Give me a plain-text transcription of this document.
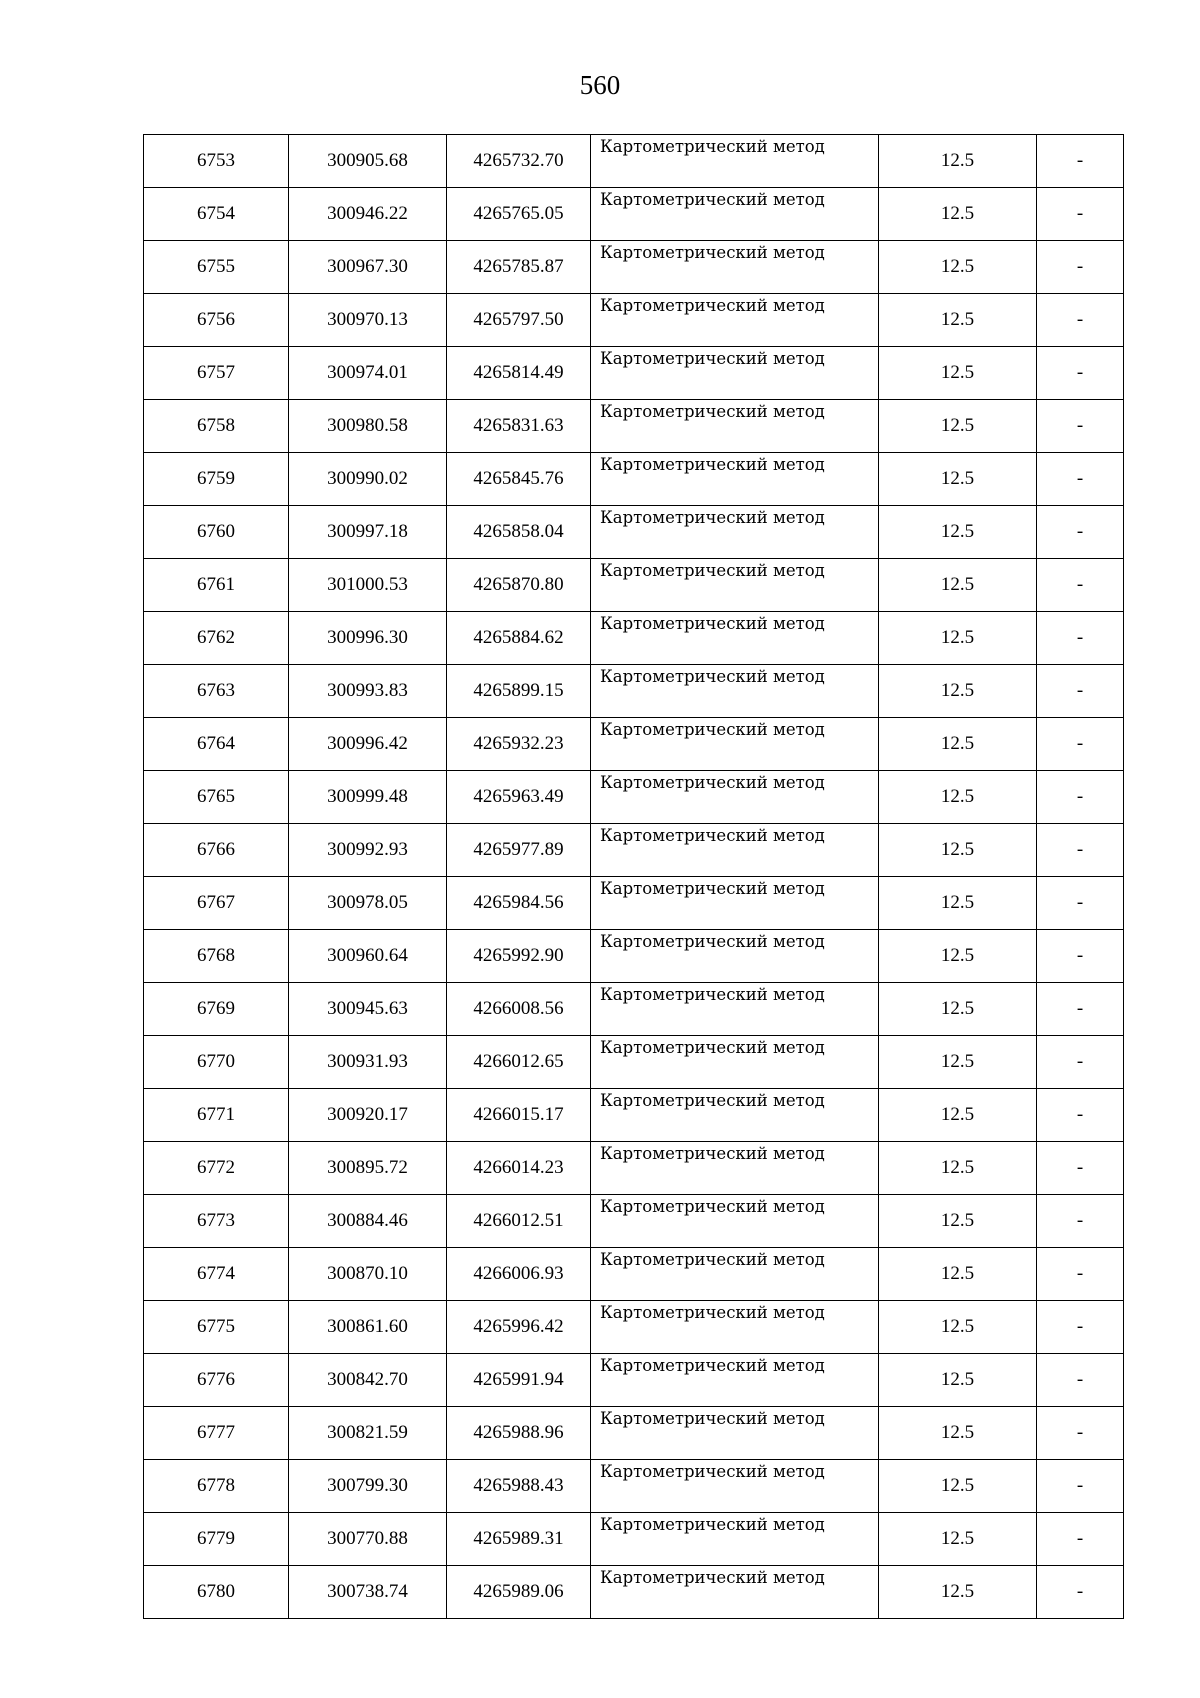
560
6753	300905.68	4265732.70	Картометрический метод	12.5	-
6754	300946.22	4265765.05	Картометрический метод	12.5	-
6755	300967.30	4265785.87	Картометрический метод	12.5	-
6756	300970.13	4265797.50	Картометрический метод	12.5	-
6757	300974.01	4265814.49	Картометрический метод	12.5	-
6758	300980.58	4265831.63	Картометрический метод	12.5	-
6759	300990.02	4265845.76	Картометрический метод	12.5	-
6760	300997.18	4265858.04	Картометрический метод	12.5	-
6761	301000.53	4265870.80	Картометрический метод	12.5	-
6762	300996.30	4265884.62	Картометрический метод	12.5	-
6763	300993.83	4265899.15	Картометрический метод	12.5	-
6764	300996.42	4265932.23	Картометрический метод	12.5	-
6765	300999.48	4265963.49	Картометрический метод	12.5	-
6766	300992.93	4265977.89	Картометрический метод	12.5	-
6767	300978.05	4265984.56	Картометрический метод	12.5	-
6768	300960.64	4265992.90	Картометрический метод	12.5	-
6769	300945.63	4266008.56	Картометрический метод	12.5	-
6770	300931.93	4266012.65	Картометрический метод	12.5	-
6771	300920.17	4266015.17	Картометрический метод	12.5	-
6772	300895.72	4266014.23	Картометрический метод	12.5	-
6773	300884.46	4266012.51	Картометрический метод	12.5	-
6774	300870.10	4266006.93	Картометрический метод	12.5	-
6775	300861.60	4265996.42	Картометрический метод	12.5	-
6776	300842.70	4265991.94	Картометрический метод	12.5	-
6777	300821.59	4265988.96	Картометрический метод	12.5	-
6778	300799.30	4265988.43	Картометрический метод	12.5	-
6779	300770.88	4265989.31	Картометрический метод	12.5	-
6780	300738.74	4265989.06	Картометрический метод	12.5	-
